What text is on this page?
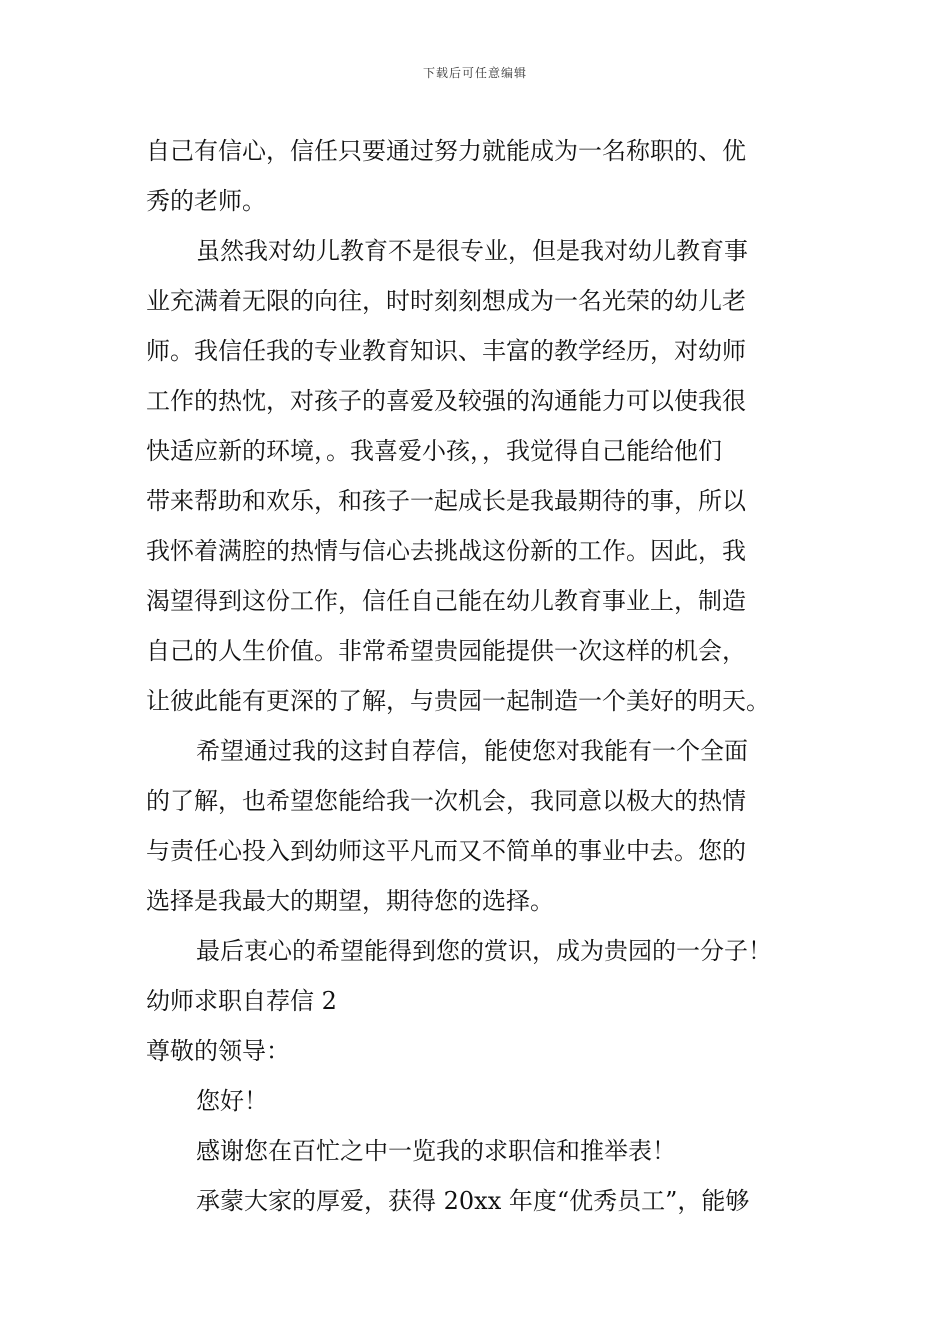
下载后可任意编辑
自己有信心，信任只要通过努力就能成为一名称职的、优
秀的老师。
虽然我对幼儿教育不是很专业，但是我对幼儿教育事
业充满着无限的向往，时时刻刻想成为一名光荣的幼儿老
师。我信任我的专业教育知识、丰富的教学经历，对幼师
工作的热忱，对孩子的喜爱及较强的沟通能力可以使我很
快适应新的环境，。我喜爱小孩，，我觉得自己能给他们
带来帮助和欢乐，和孩子一起成长是我最期待的事，所以
我怀着满腔的热情与信心去挑战这份新的工作。因此，我
渴望得到这份工作，信任自己能在幼儿教育事业上，制造
自己的人生价值。非常希望贵园能提供一次这样的机会，
让彼此能有更深的了解，与贵园一起制造一个美好的明天。
希望通过我的这封自荐信，能使您对我能有一个全面
的了解，也希望您能给我一次机会，我同意以极大的热情
与责任心投入到幼师这平凡而又不简单的事业中去。您的
选择是我最大的期望，期待您的选择。
最后衷心的希望能得到您的赏识，成为贵园的一分子！
幼师求职自荐信 2
尊敬的领导：
您好！
感谢您在百忙之中一览我的求职信和推举表！
承蒙大家的厚爱，获得 20xx 年度“优秀员工”，能够
